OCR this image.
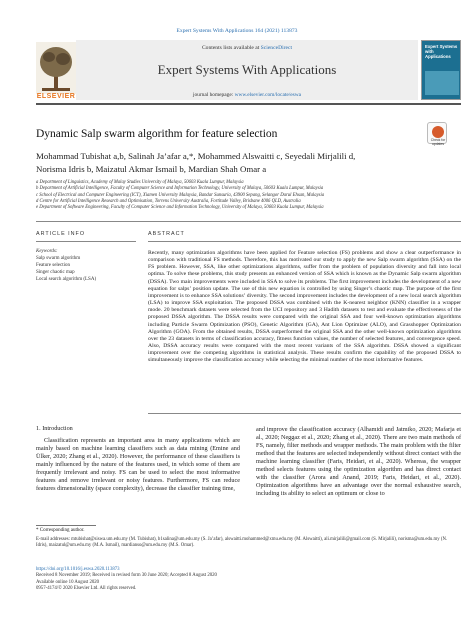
Expert Systems With Applications 164 (2021) 113873
Contents lists available at ScienceDirect
Expert Systems With Applications
journal homepage: www.elsevier.com/locate/eswa
ELSEVIER
Expert Systems with Applications
Dynamic Salp swarm algorithm for feature selection	Check for updates
Mohammad Tubishat a,b, Salinah Ja’afar a,*, Mohammed Alswaitti c, Seyedali Mirjalili d,
Norisma Idris b, Maizatul Akmar Ismail b, Mardian Shah Omar a
a Department of Linguistics, Academy of Malay Studies University of Malaya, 50603 Kuala Lumpur, Malaysia
b Department of Artificial Intelligence, Faculty of Computer Science and Information Technology, University of Malaya, 50603 Kuala Lumpur, Malaysia
c School of Electrical and Computer Engineering (ICT), Xiamen University Malaysia, Bandar Sunsuria, 43900 Sepang, Selangor Darul Ehsan, Malaysia
d Centre for Artificial Intelligence Research and Optimisation, Torrens University Australia, Fortitude Valley, Brisbane 4006 QLD, Australia
e Department of Software Engineering, Faculty of Computer Science and Information Technology, University of Malaya, 50603 Kuala Lumpur, Malaysia
ARTICLE INFO
Keywords:
Salp swarm algorithm
Feature selection
Singer chaotic map
Local search algorithm (LSA)
ABSTRACT
Recently, many optimization algorithms have been applied for Feature selection (FS) problems and show a clear outperformance in comparison with traditional FS methods. Therefore, this has motivated our study to apply the new Salp swarm algorithm (SSA) on the FS problem. However, SSA, like other optimizations algorithms, suffer from the problem of population diversity and fall into local optima. To solve these problems, this study presents an enhanced version of SSA which is known as the Dynamic Salp swarm algorithm (DSSA). Two main improvements were included in SSA to solve its problems. The first improvement includes the development of a new equation for salps’ position update. The use of this new equation is controlled by using Singer’s chaotic map. The purpose of the first improvement is to enhance SSA solutions’ diversity. The second improvement includes the development of a new local search algorithm (LSA) to improve SSA exploitation. The proposed DSSA was combined with the K-nearest neighbor (KNN) classifier in a wrapper mode. 20 benchmark datasets were selected from the UCI repository and 3 Hadith datasets to test and evaluate the effectiveness of the proposed DSSA algorithm. The DSSA results were compared with the original SSA and four well-known optimization algorithms including Particle Swarm Optimization (PSO), Genetic Algorithm (GA), Ant Lion Optimizer (ALO), and Grasshopper Optimization Algorithm (GOA). From the obtained results, DSSA outperformed the original SSA and the other well-known optimization algorithms over the 23 datasets in terms of classification accuracy, fitness function values, the number of selected features, and convergence speed. Also, DSSA accuracy results were compared with the most recent variants of the SSA algorithm. DSSA showed a significant improvement over the competing algorithms in statistical analysis. These results confirm the capability of the proposed DSSA to simultaneously improve the classification accuracy while selecting the minimal number of the most informative features.
1. Introduction
Classification represents an important area in many applications which are mainly based on machine learning classifiers such as data mining (Emine and Ülker, 2020; Zhang et al., 2020). However, the performance of these classifiers is mainly influenced by the nature of the features used, in which some of them are frequently irrelevant and noisy. FS can be used to select the most informative features and remove irrelevant or noisy features. Furthermore, FS can reduce features dimensionality (space complexity), decrease the classifier training time,
and improve the classification accuracy (Alhamidi and Jatmiko, 2020; Mafarja et al., 2020; Neggaz et al., 2020; Zhang et al., 2020). There are two main methods of FS, namely, filter methods and wrapper methods. The main problem with the filter method that the features are selected independently without direct contact with the machine learning classifier (Faris, Heidari, et al., 2020). Whereas, the wrapper method selects features using the optimization algorithm and has direct contact with the classifier (Arora and Anand, 2019; Faris, Heidari, et al., 2020). Optimization algorithms have an advantage over the normal exhaustive search, including its ability to select an optimum or close to
* Corresponding author.
E-mail addresses: mtubishat@siswa.um.edu.my (M. Tubishat), b1salina@um.edu.my (S. Ja’afar), alswaitti.mohammed@xmu.edu.my (M. Alswaitti), ali.mirjalili@gmail.com (S. Mirjalili), norisma@um.edu.my (N. Idris), maizatul@um.edu.my (M.A. Ismail), mardianso@um.edu.my (M.S. Omar).
https://doi.org/10.1016/j.eswa.2020.113873
Received 8 November 2019; Received in revised form 30 June 2020; Accepted 8 August 2020
Available online 10 August 2020
0957-4174/© 2020 Elsevier Ltd. All rights reserved.
